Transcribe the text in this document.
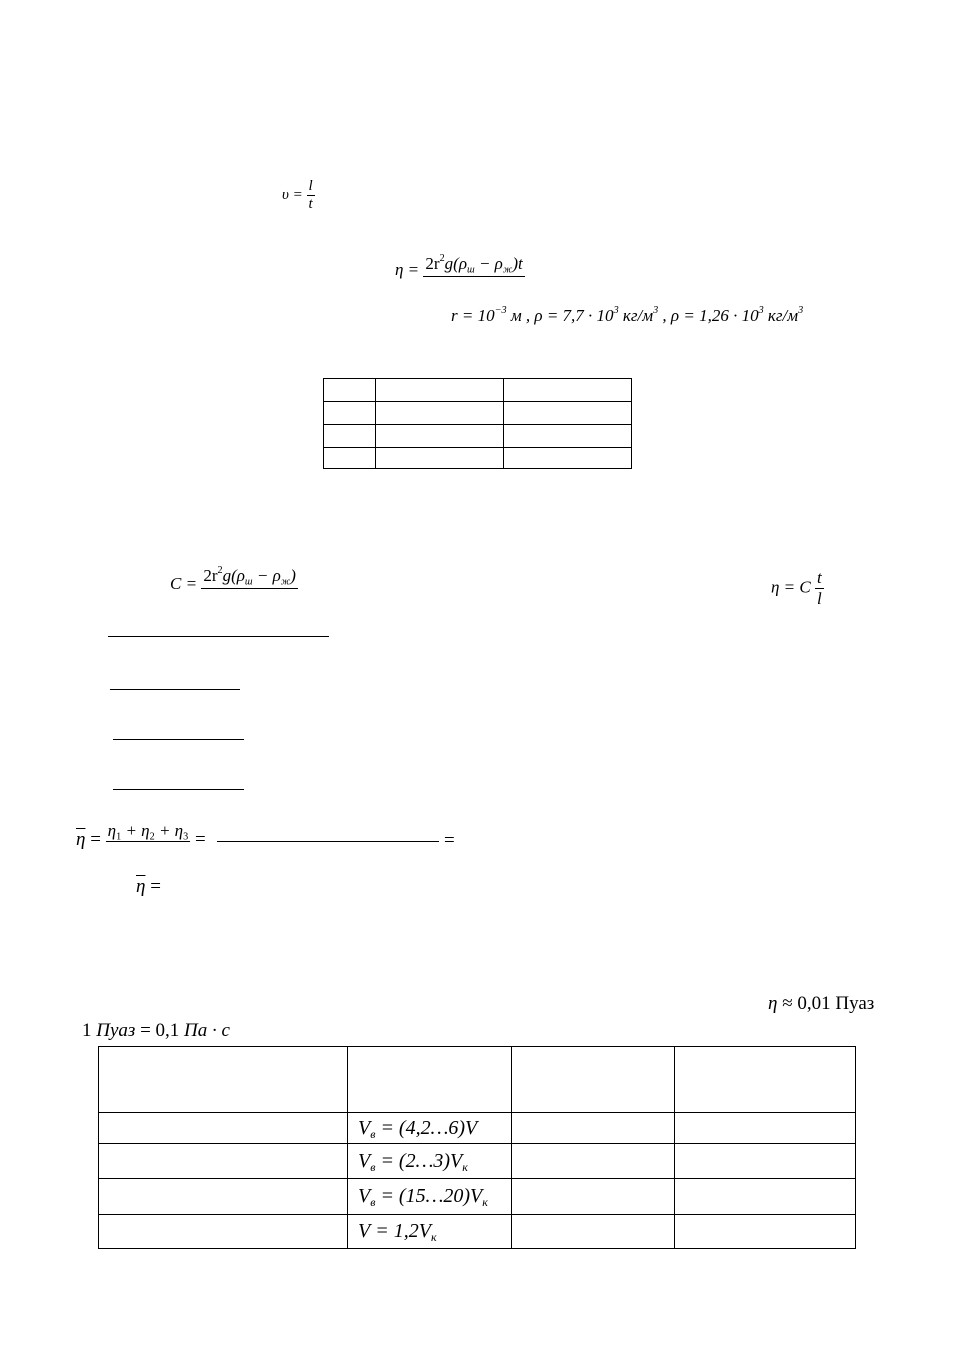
$\upsilon = \frac{l}{t}$
$\eta = 2r^2g(\rho_ш - \rho_ж)t$
$r = 10^{-3}$ м , $\rho = 7,7 \cdot 10^3$ $кг/м^3$ , $\rho = 1,26 \cdot 10^3$ $кг/м^3$

$C = 2r^2g(\rho_ш - \rho_ж)$
η = C $\frac{t}{l}$
$\overline{\eta} = \eta_1 + \eta_2 + \eta_3$ =	=
$\overline{\eta}$ =
η ≈ 0,01 Пуаз
1 Пуаз = 0,1 Па · с

	$V_в$ = (4,2…6)V		
	$V_в$ = $(2\dots 3)V_к$		
	$V_в$ = $(15\dots 20)V_к$		
	$V = 1,2V_к$		
